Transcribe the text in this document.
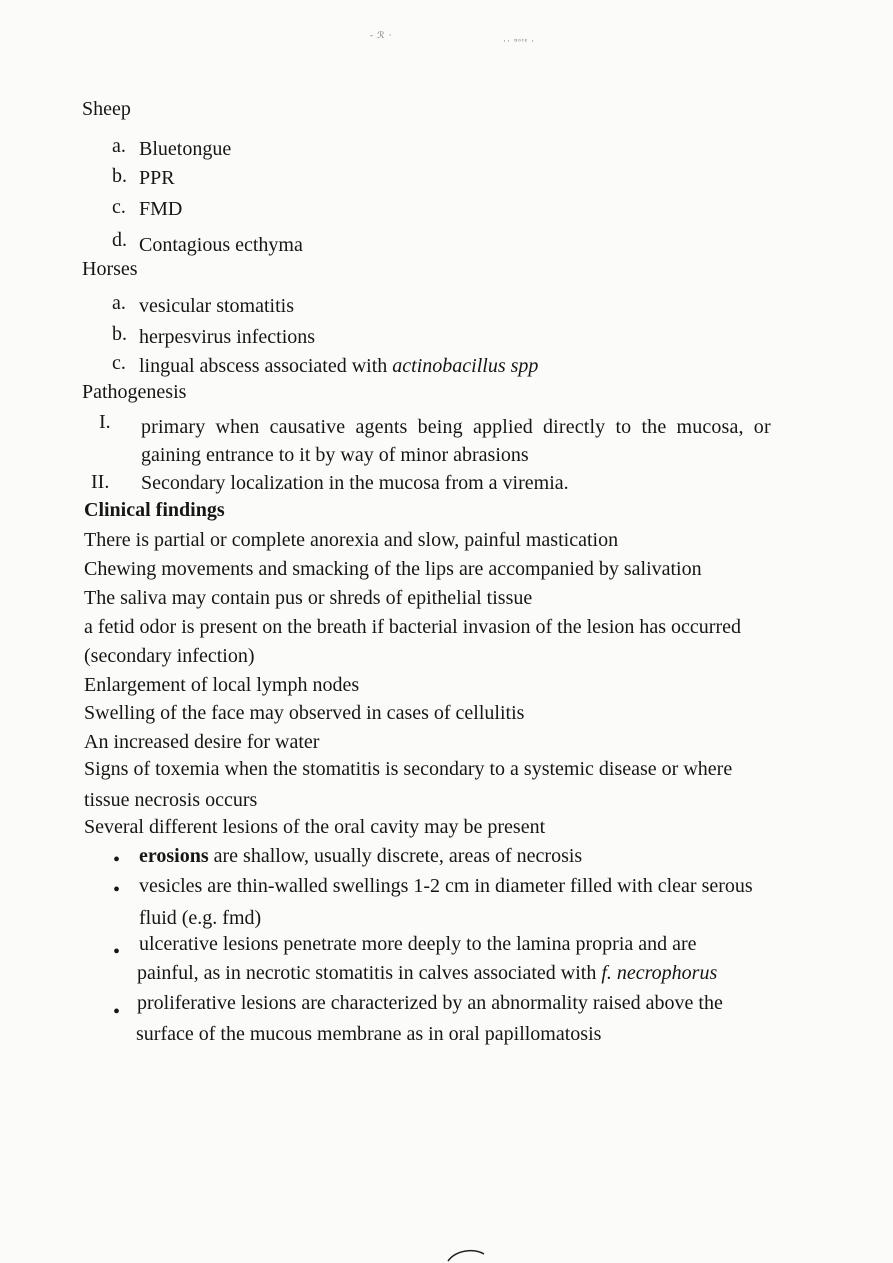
- ℛ ·
·· ⁿᵒʳᵉ ·
Sheep
a. Bluetongue
b. PPR
c. FMD
d. Contagious ecthyma
Horses
a. vesicular stomatitis
b. herpesvirus infections
c. lingual abscess associated with actinobacillus spp
Pathogenesis
I. primary when causative agents being applied directly to the mucosa, or
gaining entrance to it by way of minor abrasions
II. Secondary localization in the mucosa from a viremia.
Clinical findings
There is partial or complete anorexia and slow, painful mastication
Chewing movements and smacking of the lips are accompanied by salivation
The saliva may contain pus or shreds of epithelial tissue
a fetid odor is present on the breath if bacterial invasion of the lesion has occurred
(secondary infection)
Enlargement of local lymph nodes
Swelling of the face may observed in cases of cellulitis
An increased desire for water
Signs of toxemia when the stomatitis is secondary to a systemic disease or where
tissue necrosis occurs
Several different lesions of the oral cavity may be present
• erosions are shallow, usually discrete, areas of necrosis
• vesicles are thin-walled swellings 1-2 cm in diameter filled with clear serous
fluid (e.g. fmd)
• ulcerative lesions penetrate more deeply to the lamina propria and are
painful, as in necrotic stomatitis in calves associated with f. necrophorus
• proliferative lesions are characterized by an abnormality raised above the
surface of the mucous membrane as in oral papillomatosis
